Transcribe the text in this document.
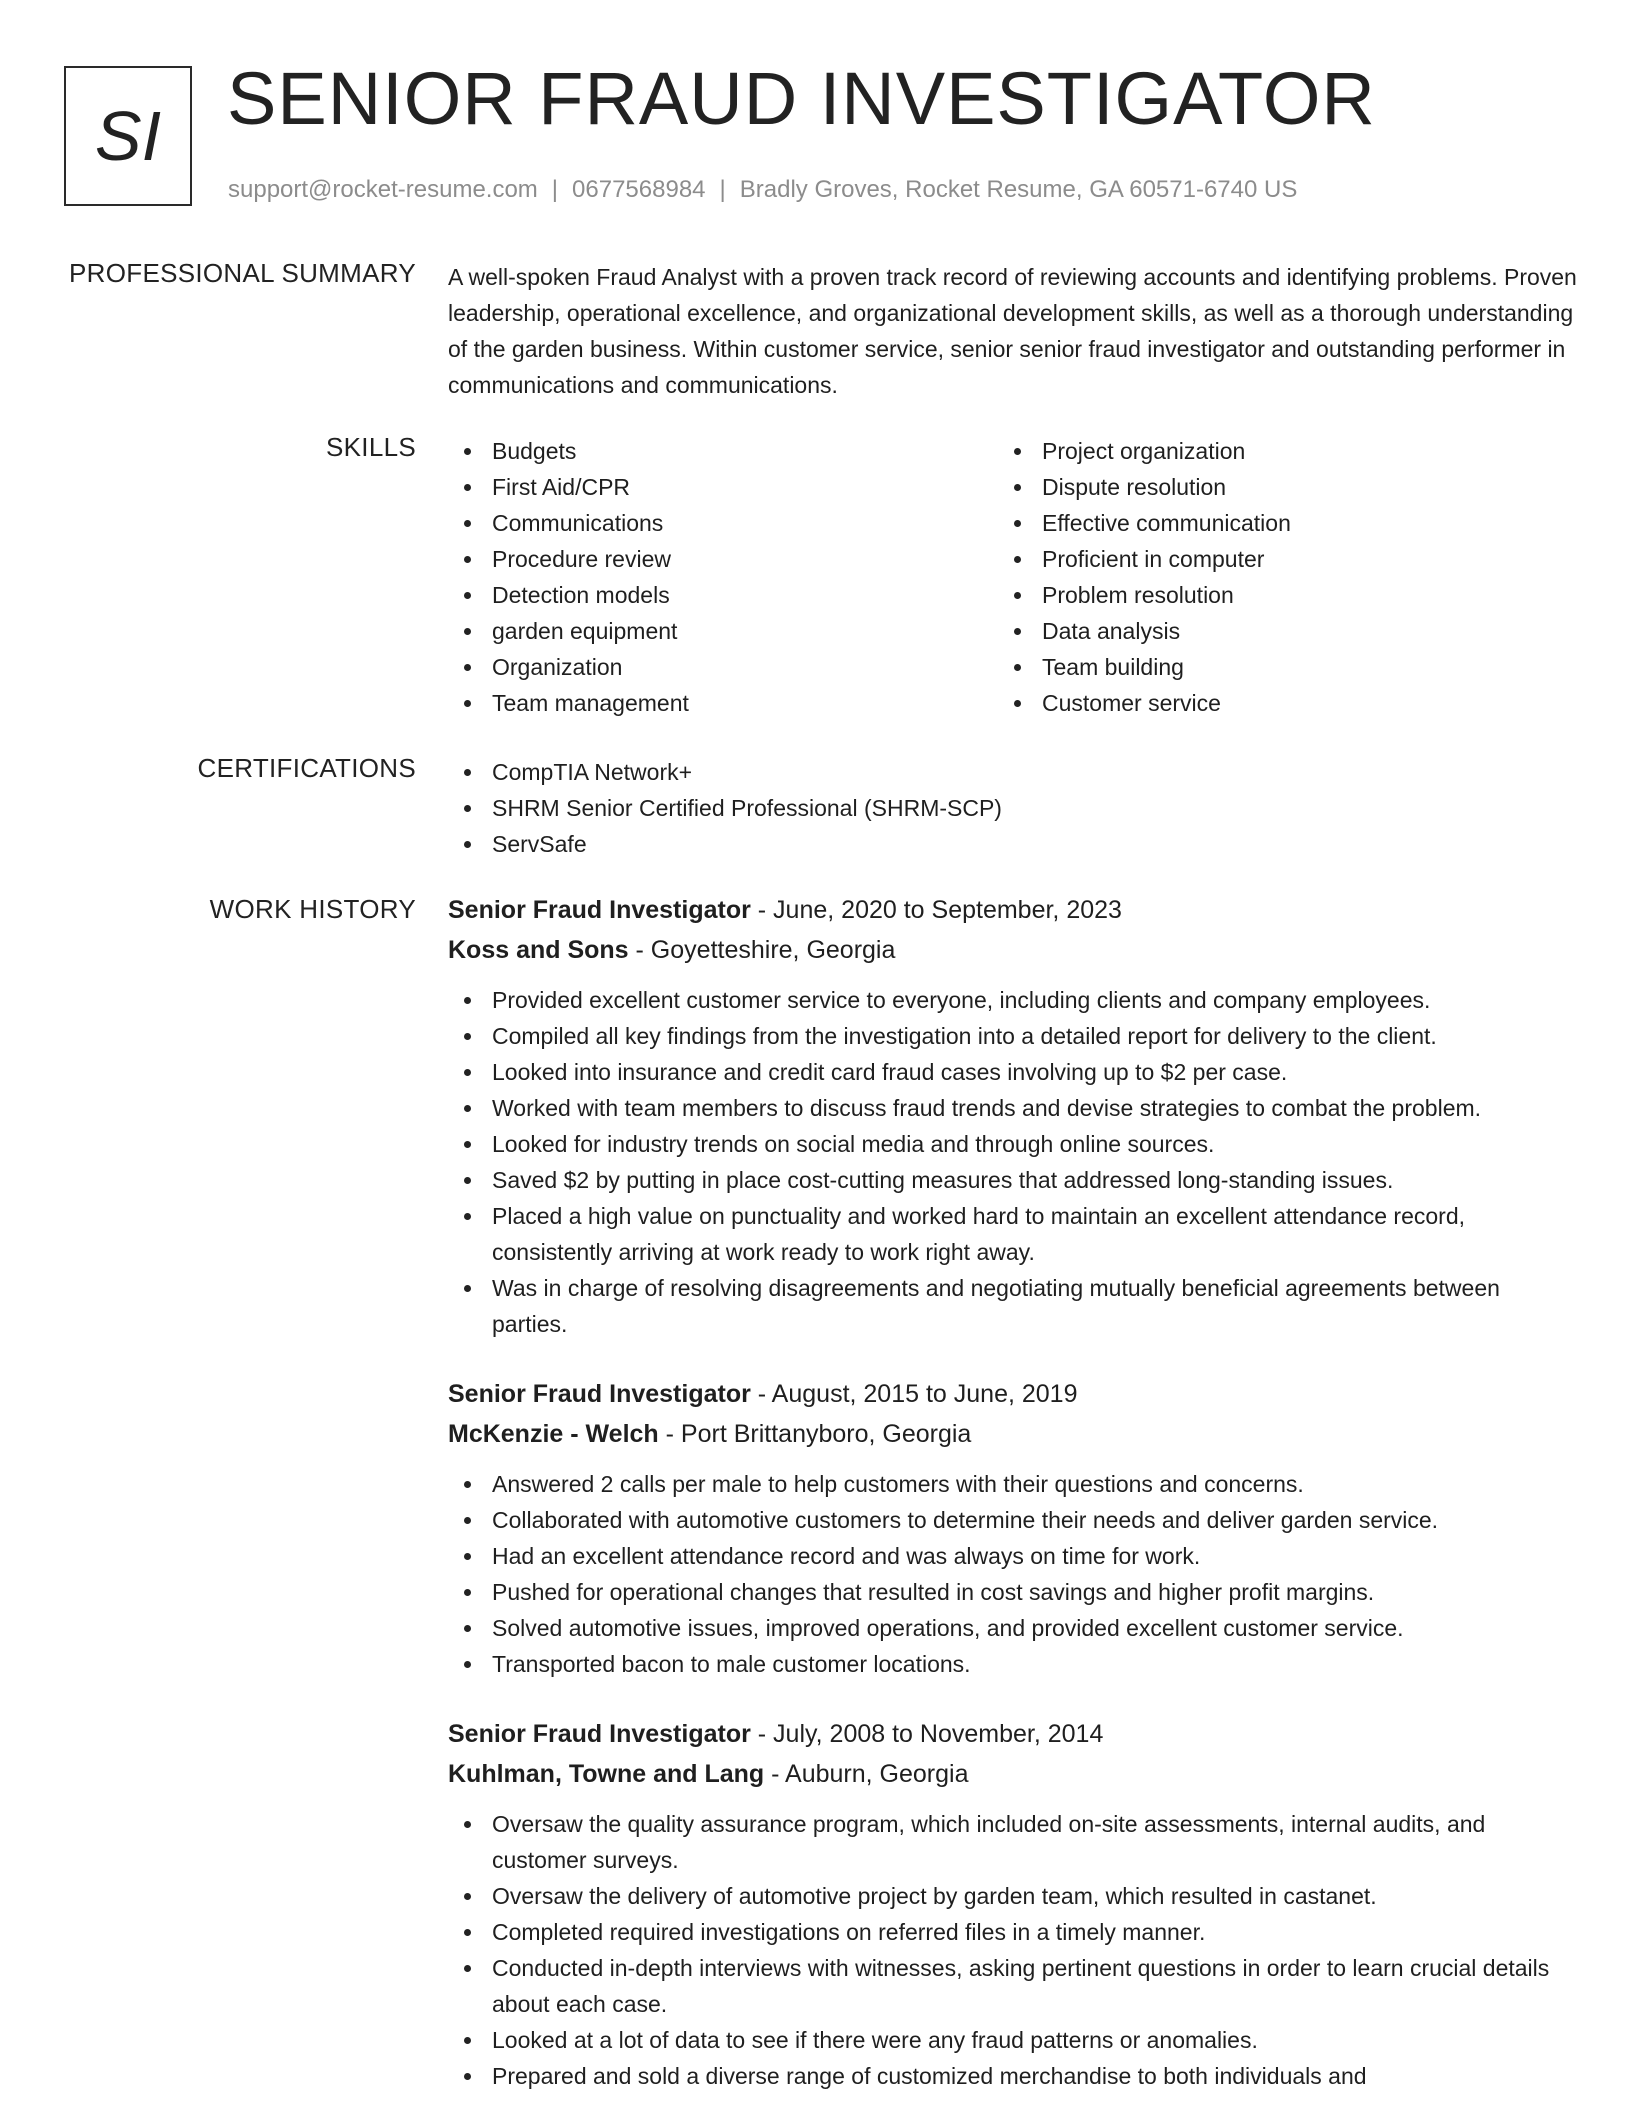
SI SENIOR FRAUD INVESTIGATOR
support@rocket-resume.com | 0677568984 | Bradly Groves, Rocket Resume, GA 60571-6740 US
PROFESSIONAL SUMMARY A well-spoken Fraud Analyst with a proven track record of reviewing accounts and identifying problems. Proven leadership, operational excellence, and organizational development skills, as well as a thorough understanding of the garden business. Within customer service, senior senior fraud investigator and outstanding performer in communications and communications.

SKILLS	Budgets
First Aid/CPR
Communications
Procedure review
Detection models
garden equipment
Organization
Team management
Project organization
Dispute resolution
Effective communication
Proficient in computer
Problem resolution
Data analysis
Team building
Customer service
CERTIFICATIONS	CompTIA Network+
SHRM Senior Certified Professional (SHRM-SCP)
ServSafe
WORK HISTORY Senior Fraud Investigator - June, 2020 to September, 2023
Koss and Sons - Goyetteshire, Georgia
Provided excellent customer service to everyone, including clients and company employees.
Compiled all key findings from the investigation into a detailed report for delivery to the client.
Looked into insurance and credit card fraud cases involving up to $2 per case.
Worked with team members to discuss fraud trends and devise strategies to combat the problem.
Looked for industry trends on social media and through online sources.
Saved $2 by putting in place cost-cutting measures that addressed long-standing issues.
Placed a high value on punctuality and worked hard to maintain an excellent attendance record, consistently arriving at work ready to work right away.
Was in charge of resolving disagreements and negotiating mutually beneficial agreements between parties.
Senior Fraud Investigator - August, 2015 to June, 2019
McKenzie - Welch - Port Brittanyboro, Georgia
Answered 2 calls per male to help customers with their questions and concerns.
Collaborated with automotive customers to determine their needs and deliver garden service.
Had an excellent attendance record and was always on time for work.
Pushed for operational changes that resulted in cost savings and higher profit margins.
Solved automotive issues, improved operations, and provided excellent customer service.
Transported bacon to male customer locations.
Senior Fraud Investigator - July, 2008 to November, 2014
Kuhlman, Towne and Lang - Auburn, Georgia
Oversaw the quality assurance program, which included on-site assessments, internal audits, and customer surveys.
Oversaw the delivery of automotive project by garden team, which resulted in castanet.
Completed required investigations on referred files in a timely manner.
Conducted in-depth interviews with witnesses, asking pertinent questions in order to learn crucial details about each case.
Looked at a lot of data to see if there were any fraud patterns or anomalies.
Prepared and sold a diverse range of customized merchandise to both individuals and
